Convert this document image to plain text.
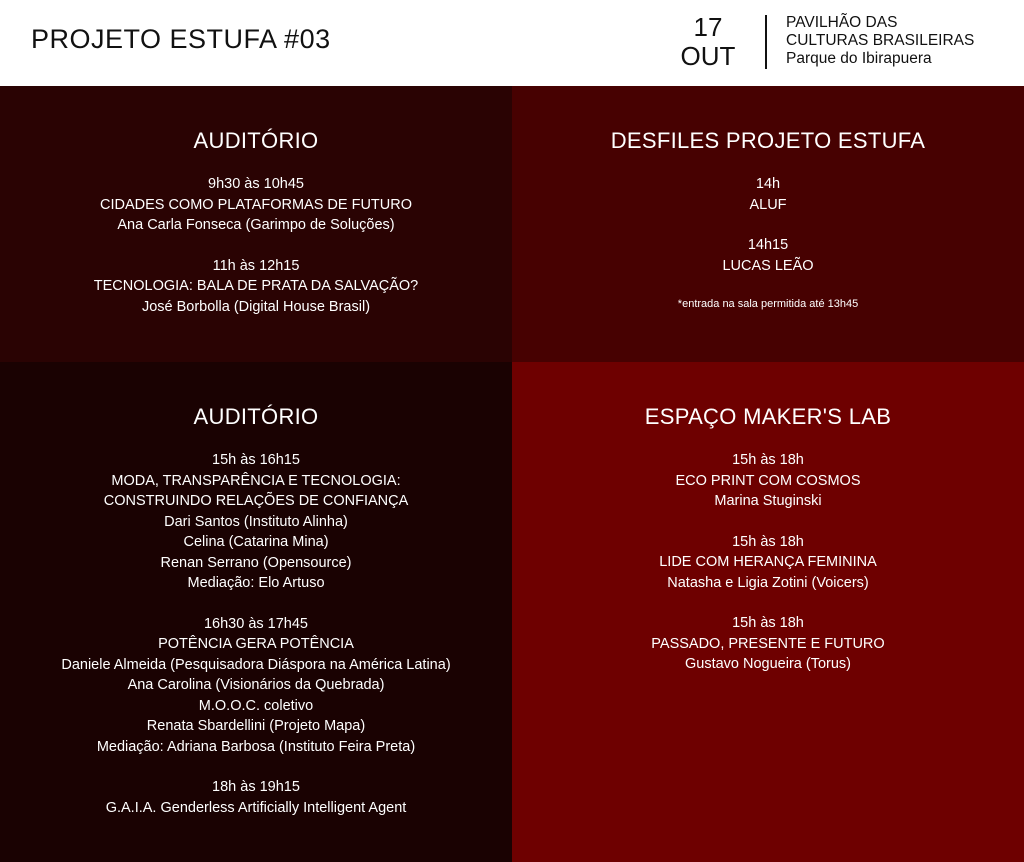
PROJETO ESTUFA #03	17
OUT
PAVILHÃO DAS
CULTURAS BRASILEIRAS
Parque do Ibirapuera
AUDITÓRIO
9h30 às 10h45
CIDADES COMO PLATAFORMAS DE FUTURO
Ana Carla Fonseca (Garimpo de Soluções)
11h às 12h15
TECNOLOGIA: BALA DE PRATA DA SALVAÇÃO?
José Borbolla (Digital House Brasil)
DESFILES PROJETO ESTUFA
14h
ALUF
14h15
LUCAS LEÃO
*entrada na sala permitida até 13h45
AUDITÓRIO
15h às 16h15
MODA, TRANSPARÊNCIA E TECNOLOGIA:
CONSTRUINDO RELAÇÕES DE CONFIANÇA
Dari Santos (Instituto Alinha)
Celina (Catarina Mina)
Renan Serrano (Opensource)
Mediação: Elo Artuso
16h30 às 17h45
POTÊNCIA GERA POTÊNCIA
Daniele Almeida (Pesquisadora Diáspora na América Latina)
Ana Carolina (Visionários da Quebrada)
M.O.O.C. coletivo
Renata Sbardellini (Projeto Mapa)
Mediação: Adriana Barbosa (Instituto Feira Preta)
18h às 19h15
G.A.I.A. Genderless Artificially Intelligent Agent
ESPAÇO MAKER'S LAB
15h às 18h
ECO PRINT COM COSMOS
Marina Stuginski
15h às 18h
LIDE COM HERANÇA FEMININA
Natasha e Ligia Zotini (Voicers)
15h às 18h
PASSADO, PRESENTE E FUTURO
Gustavo Nogueira (Torus)
